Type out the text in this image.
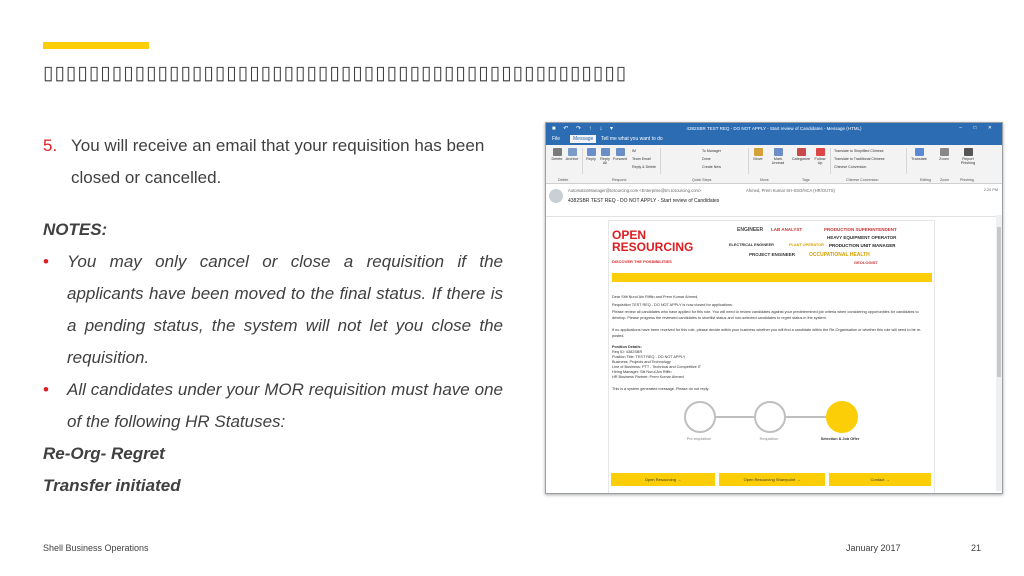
▯▯▯▯▯▯▯▯▯▯▯▯▯▯▯▯▯▯▯▯▯▯▯▯▯▯▯▯▯▯▯▯▯▯▯▯▯▯▯▯▯▯▯▯▯▯▯▯▯▯▯
5. You will receive an email that your requisition has been closed or cancelled.
NOTES:
• You may only cancel or close a requisition if the applicants have been moved to the final status. If there is a pending status, the system will not let you close the requisition.
• All candidates under your MOR requisition must have one of the following HR Statuses:
Re-Org- Regret
Transfer initiated
■ ↶ ↷ ↑ ↓ ▾	4382SBR TEST REQ - DO NOT APPLY - Start review of Candidates - Message (HTML)	– □ ✕
File	Message	Tell me what you want to do
Delete Archive	Reply	Reply All
Forward
IM
Team Email
Reply & Delete
To Manager
Done
Create New
Move	Mark Unread
Categorize	Follow Up
Translate to Simplified Chinese
Translate to Traditional Chinese
Chinese Conversion
Translate	Zoom	Report Phishing
Delete	Respond	Quick Steps	Move	Tags	Chinese Conversion	Editing	Zoom	Phishing
AutomationManager@tcsourcing.com <Enterprise@tm.tcsourcing.com>	Ahmed, Prem Kumar SH-SSO/HCA (HR/OUTS)
4382SBR TEST REQ - DO NOT APPLY - Start review of Candidates
2:20 PM
OPEN
RESOURCING
DISCOVER THE POSSIBILITIES
ENGINEER LAB ANALYST	PRODUCTION SUPERINTENDENT
HEAVY EQUIPMENT OPERATOR
ELECTRICAL ENGINEER	PRODUCTION UNIT MANAGER
PROJECT ENGINEER	OCCUPATIONAL HEALTH
GEOLOGIST
PLANT OPERATOR
Dear Sitti Nurul Ain Rifflin and Prem Kumar Ahmed,
Requisition TEST REQ - DO NOT APPLY is now closed for applications.
Please review all candidates who have applied for this role. You will need to review candidates against your predetermined job criteria when considering opportunities for candidates to develop. Please progress the reviewed candidates to shortlist status and non-selected candidates to regret status in the system.
If no applications have been received for this role, please decide within your business whether you will find a candidate within the Re-Organisation or whether this role will need to be re-posted.
Position Details:
Req ID: 4382SBR
Position Title: TEST REQ - DO NOT APPLY
Business: Projects and Technology
Line of Business: PTT - Technical and Competitive IT
Hiring Manager: Siti Nurul Ain Riffin
HR Business Partner: Prem Kumar Ahmed
This is a system generated message. Please do not reply.
Pre-requisition	Requisition	Selection & Job Offer
Open Resourcing →	Open Resourcing Sharepoint →	Contact →
Shell Business Operations	January 2017	21
